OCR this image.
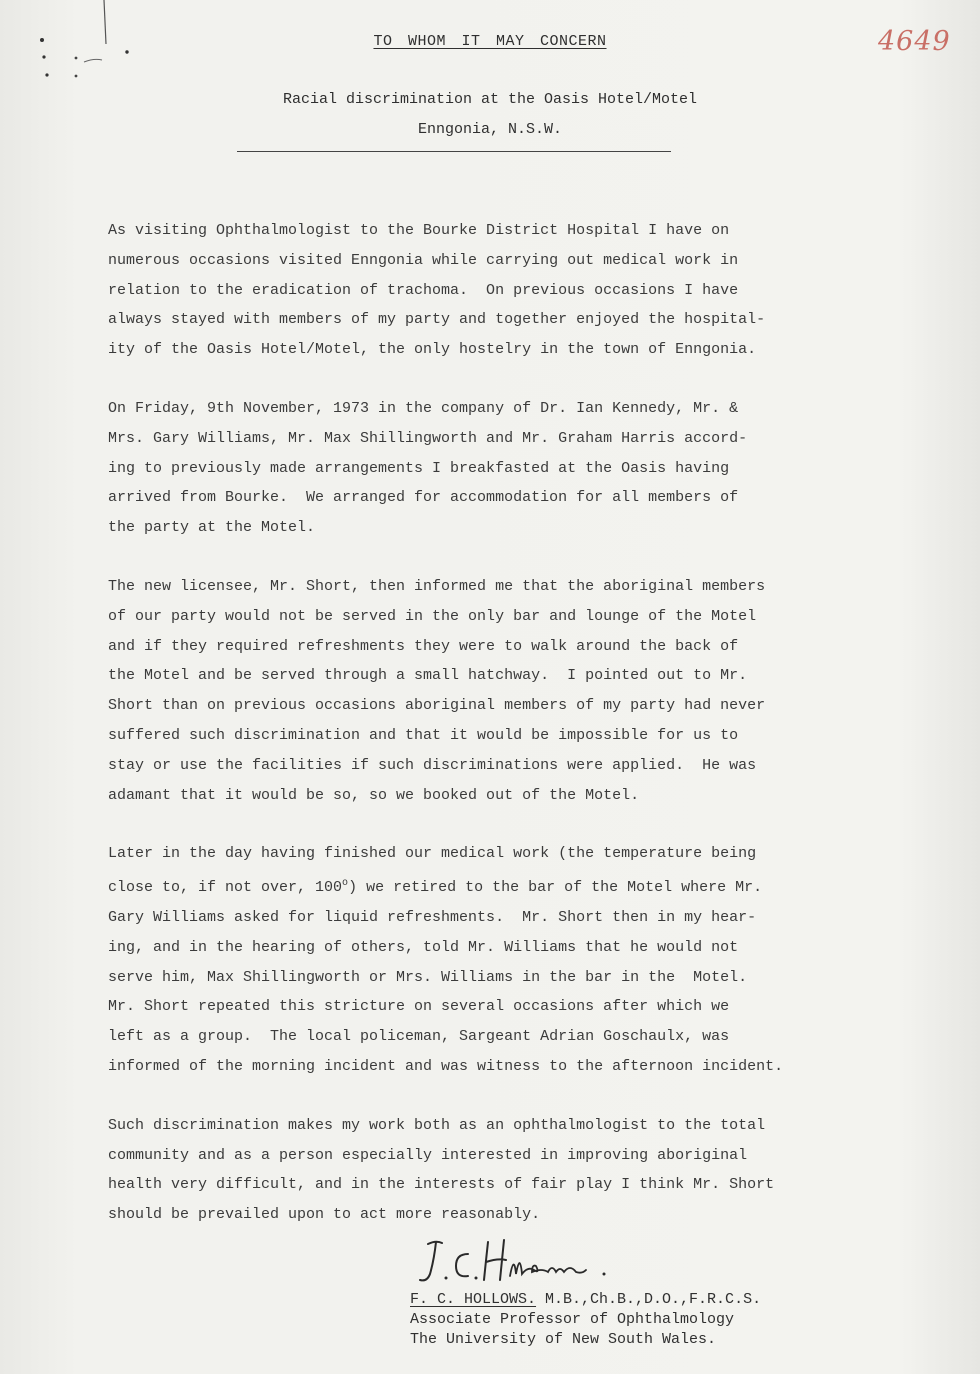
4649
TO WHOM IT MAY CONCERN
Racial discrimination at the Oasis Hotel/Motel
Enngonia, N.S.W.

As visiting Ophthalmologist to the Bourke District Hospital I have on
numerous occasions visited Enngonia while carrying out medical work in
relation to the eradication of trachoma.  On previous occasions I have
always stayed with members of my party and together enjoyed the hospital-
ity of the Oasis Hotel/Motel, the only hostelry in the town of Enngonia.

On Friday, 9th November, 1973 in the company of Dr. Ian Kennedy, Mr. &
Mrs. Gary Williams, Mr. Max Shillingworth and Mr. Graham Harris accord-
ing to previously made arrangements I breakfasted at the Oasis having
arrived from Bourke.  We arranged for accommodation for all members of
the party at the Motel.

The new licensee, Mr. Short, then informed me that the aboriginal members
of our party would not be served in the only bar and lounge of the Motel
and if they required refreshments they were to walk around the back of
the Motel and be served through a small hatchway.  I pointed out to Mr.
Short than on previous occasions aboriginal members of my party had never
suffered such discrimination and that it would be impossible for us to
stay or use the facilities if such discriminations were applied.  He was
adamant that it would be so, so we booked out of the Motel.

Later in the day having finished our medical work (the temperature being
close to, if not over, 100$^o$) we retired to the bar of the Motel where Mr.
Gary Williams asked for liquid refreshments.  Mr. Short then in my hear-
ing, and in the hearing of others, told Mr. Williams that he would not
serve him, Max Shillingworth or Mrs. Williams in the bar in the  Motel.
Mr. Short repeated this stricture on several occasions after which we
left as a group.  The local policeman, Sargeant Adrian Goschaulx, was
informed of the morning incident and was witness to the afternoon incident.

Such discrimination makes my work both as an ophthalmologist to the total
community and as a person especially interested in improving aboriginal
health very difficult, and in the interests of fair play I think Mr. Short
should be prevailed upon to act more reasonably.

F. C. HOLLOWS. M.B.,Ch.B.,D.O.,F.R.C.S.
Associate Professor of Ophthalmology
The University of New South Wales.
